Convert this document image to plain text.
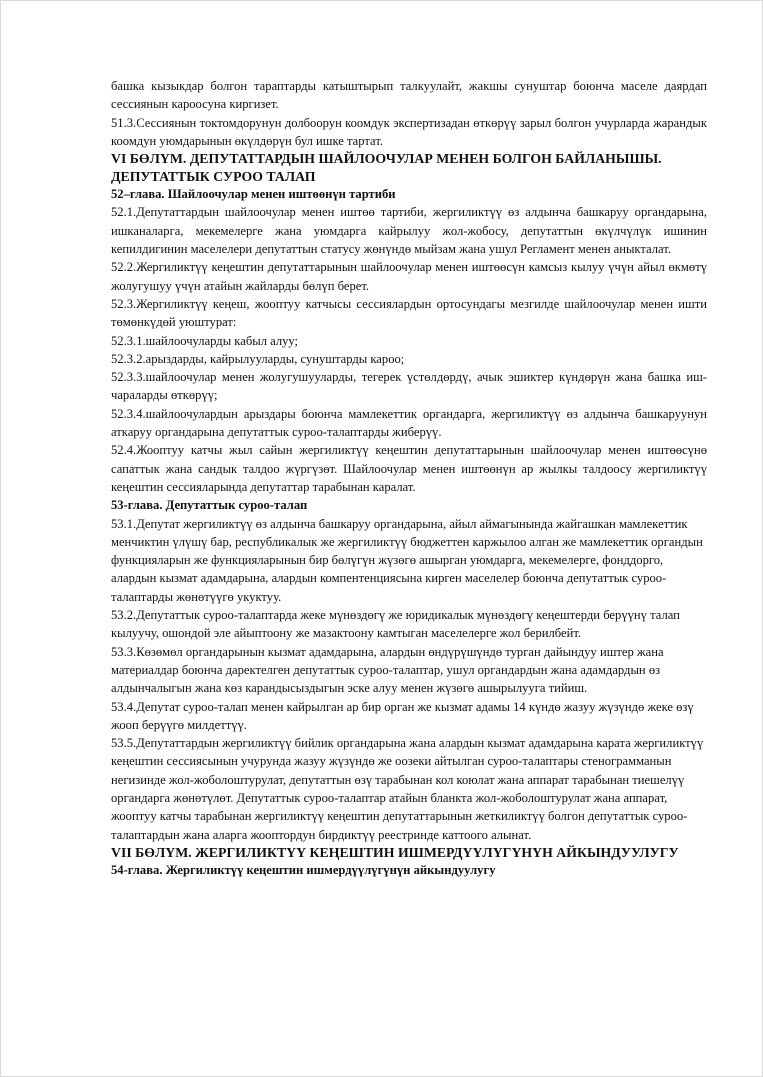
башка кызыкдар болгон тараптарды катыштырып талкуулайт, жакшы сунуштар боюнча маселе даярдап сессиянын кароосуна киргизет.

51.3.Сессиянын токтомдорунун долбоорун коомдук экспертизадан өткөрүү зарыл болгон учурларда жарандык коомдун уюмдарынын өкүлдөрүн бул ишке тартат.

VI БӨЛҮМ. ДЕПУТАТТАРДЫН ШАЙЛООЧУЛАР МЕНЕН БОЛГОН БАЙЛАНЫШЫ. ДЕПУТАТТЫК СУРОО ТАЛАП

52–глава. Шайлоочулар менен иштөөнүн тартиби

52.1.Депутаттардын шайлоочулар менен иштөө тартиби, жергиликтүү өз алдынча башкаруу органдарына, ишканаларга, мекемелерге жана уюмдарга кайрылуу жол-жобосу, депутаттын өкүлчүлүк ишинин кепилдигинин маселелери депутаттын статусу жөнүндө мыйзам жана ушул Регламент менен аныкталат.

52.2.Жергиликтүү кеңештин депутаттарынын шайлоочулар менен иштөөсүн камсыз кылуу үчүн айыл өкмөтү жолугушуу үчүн атайын жайларды бөлүп берет.

52.3.Жергиликтүү кеңеш, жооптуу катчысы сессиялардын ортосундагы мезгилде шайлоочулар менен ишти төмөнкүдөй уюштурат:

52.3.1.шайлоочуларды кабыл алуу;

52.3.2.арыздарды, кайрылууларды, сунуштарды кароо;

52.3.3.шайлоочулар менен жолугушууларды, тегерек үстөлдөрдү, ачык эшиктер күндөрүн жана башка иш-чараларды өткөрүү;

52.3.4.шайлоочулардын арыздары боюнча мамлекеттик органдарга, жергиликтүү өз алдынча башкаруунун аткаруу органдарына депутаттык суроо-талаптарды жиберүү.

52.4.Жооптуу катчы жыл сайын жергиликтүү кеңештин депутаттарынын шайлоочулар менен иштөөсүнө сапаттык жана сандык талдоо жүргүзөт. Шайлоочулар менен иштөөнүн ар жылкы талдоосу жергиликтүү кеңештин сессияларында депутаттар тарабынан каралат.

53-глава. Депутаттык суроо-талап

53.1.Депутат жергиликтүү өз алдынча башкаруу органдарына, айыл аймагынында жайгашкан мамлекеттик менчиктин үлүшү бар, республикалык же жергиликтүү бюджеттен каржылоо алган же мамлекеттик органдын функцияларын же функцияларынын бир бөлүгүн жүзөгө ашырган уюмдарга, мекемелерге, фонддорго, алардын кызмат адамдарына, алардын компентенциясына кирген маселелер боюнча депутаттык суроо-талаптарды жөнөтүүгө укуктуу.

53.2.Депутаттык суроо-талаптарда жеке мүнөздөгү же юридикалык мүнөздөгү кеңештерди берүүнү талап кылуучу, ошондой эле айыптоону же мазактоону камтыган маселелерге жол берилбейт.

53.3.Көзөмөл органдарынын кызмат адамдарына, алардын өндүрүшүндө турган дайындуу иштер жана материалдар боюнча даректелген депутаттык суроо-талаптар, ушул органдардын жана адамдардын өз алдынчалыгын жана көз карандысыздыгын эске алуу менен жүзөгө ашырылууга тийиш.

53.4.Депутат суроо-талап менен кайрылган ар бир орган же кызмат адамы 14 күндө жазуу жүзүндө жеке өзү жооп берүүгө милдеттүү.

53.5.Депутаттардын жергиликтүү бийлик органдарына жана алардын кызмат адамдарына карата жергиликтүү кеңештин сессиясынын учурунда жазуу жүзүндө же оозеки айтылган суроо-талаптары стенограмманын негизинде жол-жоболоштурулат, депутаттын өзү тарабынан кол коюлат жана аппарат тарабынан тиешелүү органдарга жөнөтүлөт. Депутаттык суроо-талаптар атайын бланкта жол-жоболоштурулат жана аппарат, жооптуу катчы тарабынан жергиликтүү кеңештин депутаттарынын жеткиликтүү болгон депутаттык суроо-талаптардын жана аларга жооптордун бирдиктүү реестринде каттоого алынат.

VII БӨЛҮМ. ЖЕРГИЛИКТҮҮ КЕҢЕШТИН ИШМЕРДҮҮЛҮГҮНҮН АЙКЫНДУУЛУГУ

54-глава. Жергиликтүү кеңештин ишмердүүлүгүнүн айкындуулугу
